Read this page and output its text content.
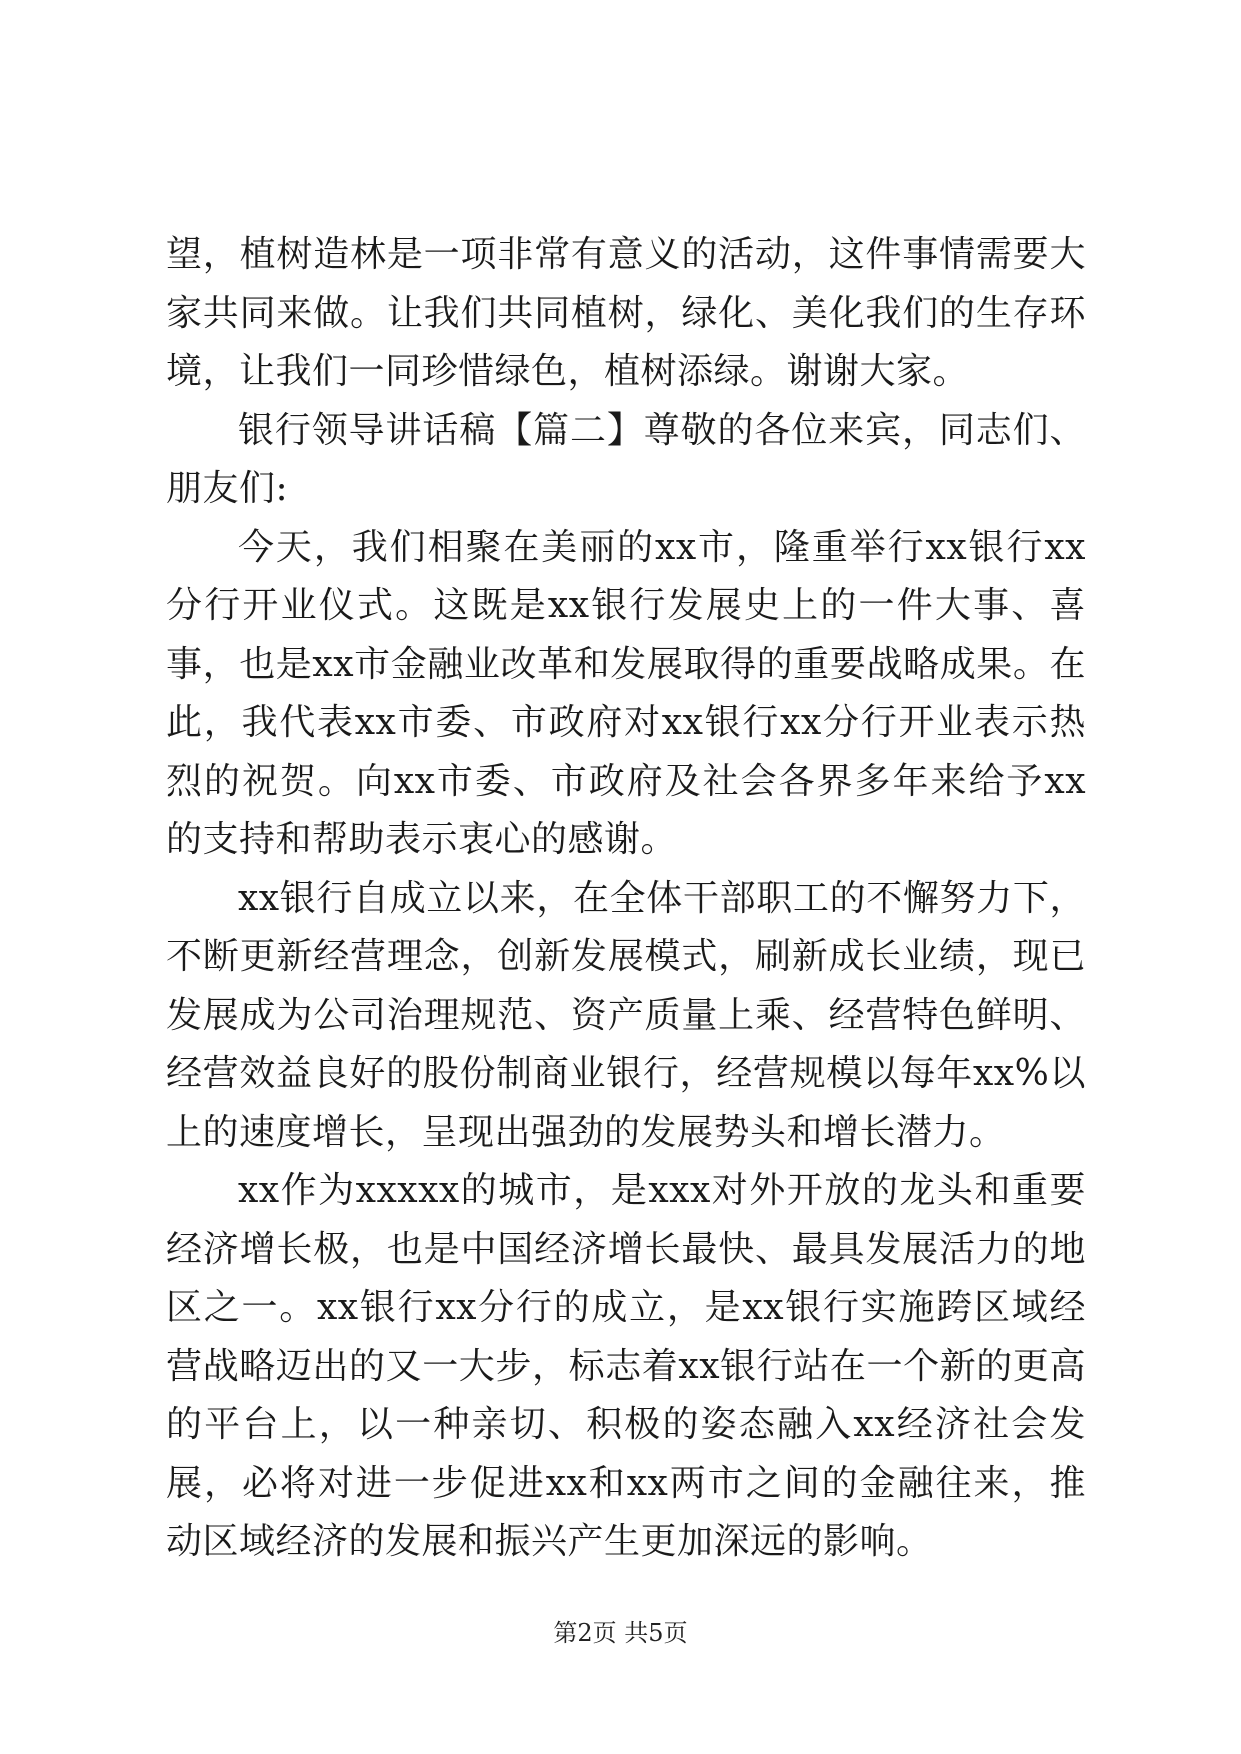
望，植树造林是一项非常有意义的活动，这件事情需要大家共同来做。让我们共同植树，绿化、美化我们的生存环境，让我们一同珍惜绿色，植树添绿。谢谢大家。

银行领导讲话稿【篇二】尊敬的各位来宾，同志们、朋友们:

今天，我们相聚在美丽的xx市，隆重举行xx银行xx分行开业仪式。这既是xx银行发展史上的一件大事、喜事，也是xx市金融业改革和发展取得的重要战略成果。在此，我代表xx市委、市政府对xx银行xx分行开业表示热烈的祝贺。向xx市委、市政府及社会各界多年来给予xx的支持和帮助表示衷心的感谢。

xx银行自成立以来，在全体干部职工的不懈努力下，不断更新经营理念，创新发展模式，刷新成长业绩，现已发展成为公司治理规范、资产质量上乘、经营特色鲜明、经营效益良好的股份制商业银行，经营规模以每年xx%以上的速度增长，呈现出强劲的发展势头和增长潜力。

xx作为xxxxx的城市，是xxx对外开放的龙头和重要经济增长极，也是中国经济增长最快、最具发展活力的地区之一。xx银行xx分行的成立，是xx银行实施跨区域经营战略迈出的又一大步，标志着xx银行站在一个新的更高的平台上，以一种亲切、积极的姿态融入xx经济社会发展，必将对进一步促进xx和xx两市之间的金融往来，推动区域经济的发展和振兴产生更加深远的影响。

第2页 共5页
